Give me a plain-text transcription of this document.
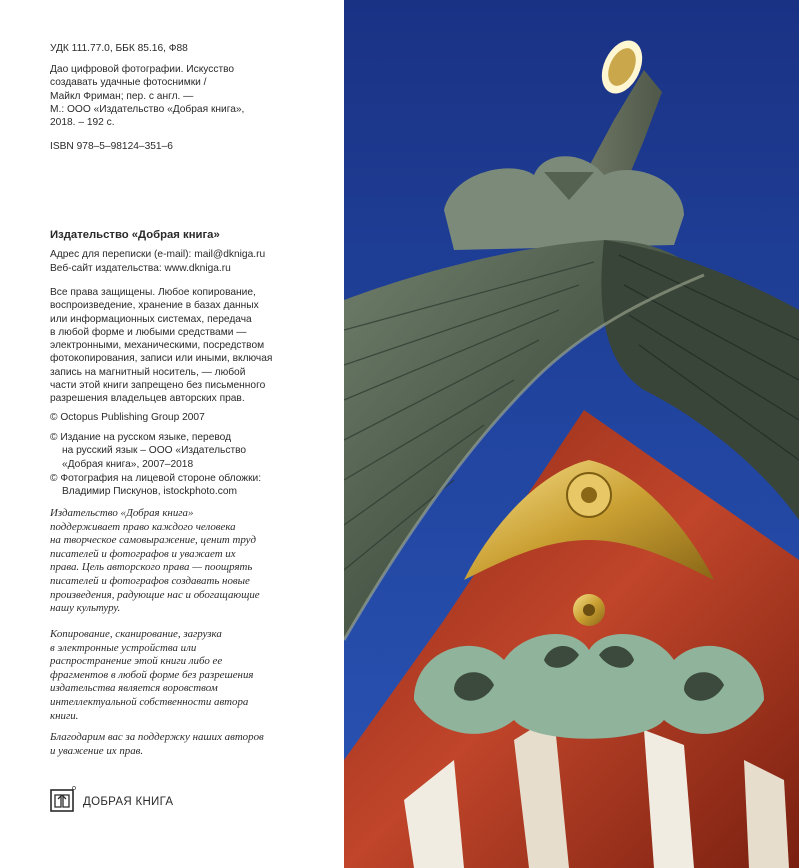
УДК 111.77.0, ББК 85.16, Ф88
Дао цифровой фотографии. Искусство
создавать удачные фотоснимки /
Майкл Фриман; пер. с англ. —
М.: ООО «Издательство «Добрая книга»,
2018. – 192 с.
ISBN 978–5–98124–351–6
Издательство «Добрая книга»
Адрес для переписки (e-mail): mail@dkniga.ru
Веб-сайт издательства: www.dkniga.ru
Все права защищены. Любое копирование,
воспроизведение, хранение в базах данных
или информационных системах, передача
в любой форме и любыми средствами —
электронными, механическими, посредством
фотокопирования, записи или иными, включая
запись на магнитный носитель, — любой
части этой книги запрещено без письменного
разрешения владельцев авторских прав.
© Octopus Publishing Group 2007
© Издание на русском языке, перевод
на русский язык – ООО «Издательство
«Добрая книга», 2007–2018
© Фотография на лицевой стороне обложки:
Владимир Пискунов, istockphoto.com
Издательство «Добрая книга»
поддерживает право каждого человека
на творческое самовыражение, ценит труд
писателей и фотографов и уважает их
права. Цель авторского права — поощрять
писателей и фотографов создавать новые
произведения, радующие нас и обогащающие
нашу культуру.
Копирование, сканирование, загрузка
в электронные устройства или
распространение этой книги либо ее
фрагментов в любой форме без разрешения
издательства является воровством
интеллектуальной собственности автора
книги.
Благодарим вас за поддержку наших авторов
и уважение их прав.
ДОБРАЯ КНИГА
